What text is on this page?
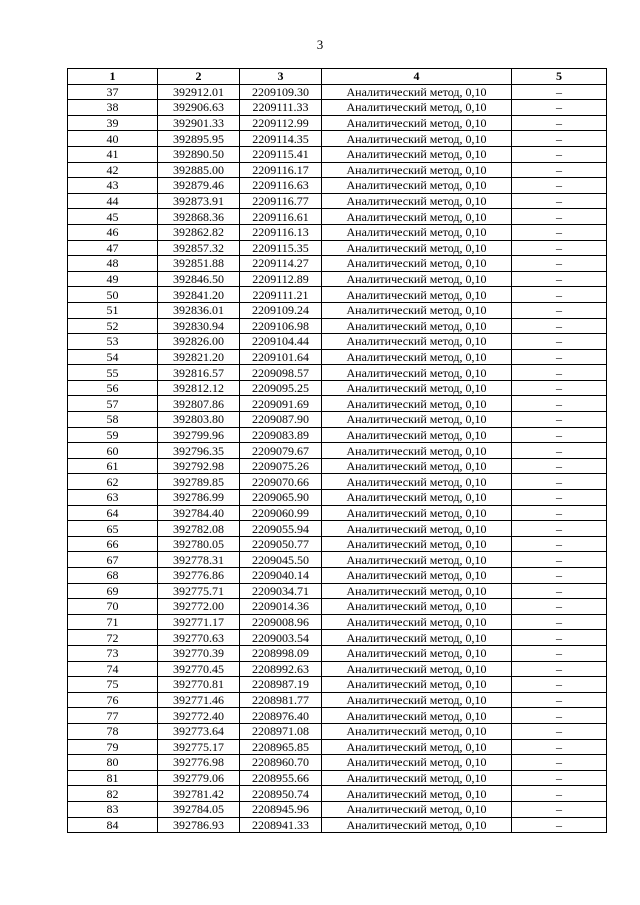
3
1	2	3	4	5
37	392912.01	2209109.30	Аналитический метод, 0,10	–
38	392906.63	2209111.33	Аналитический метод, 0,10	–
39	392901.33	2209112.99	Аналитический метод, 0,10	–
40	392895.95	2209114.35	Аналитический метод, 0,10	–
41	392890.50	2209115.41	Аналитический метод, 0,10	–
42	392885.00	2209116.17	Аналитический метод, 0,10	–
43	392879.46	2209116.63	Аналитический метод, 0,10	–
44	392873.91	2209116.77	Аналитический метод, 0,10	–
45	392868.36	2209116.61	Аналитический метод, 0,10	–
46	392862.82	2209116.13	Аналитический метод, 0,10	–
47	392857.32	2209115.35	Аналитический метод, 0,10	–
48	392851.88	2209114.27	Аналитический метод, 0,10	–
49	392846.50	2209112.89	Аналитический метод, 0,10	–
50	392841.20	2209111.21	Аналитический метод, 0,10	–
51	392836.01	2209109.24	Аналитический метод, 0,10	–
52	392830.94	2209106.98	Аналитический метод, 0,10	–
53	392826.00	2209104.44	Аналитический метод, 0,10	–
54	392821.20	2209101.64	Аналитический метод, 0,10	–
55	392816.57	2209098.57	Аналитический метод, 0,10	–
56	392812.12	2209095.25	Аналитический метод, 0,10	–
57	392807.86	2209091.69	Аналитический метод, 0,10	–
58	392803.80	2209087.90	Аналитический метод, 0,10	–
59	392799.96	2209083.89	Аналитический метод, 0,10	–
60	392796.35	2209079.67	Аналитический метод, 0,10	–
61	392792.98	2209075.26	Аналитический метод, 0,10	–
62	392789.85	2209070.66	Аналитический метод, 0,10	–
63	392786.99	2209065.90	Аналитический метод, 0,10	–
64	392784.40	2209060.99	Аналитический метод, 0,10	–
65	392782.08	2209055.94	Аналитический метод, 0,10	–
66	392780.05	2209050.77	Аналитический метод, 0,10	–
67	392778.31	2209045.50	Аналитический метод, 0,10	–
68	392776.86	2209040.14	Аналитический метод, 0,10	–
69	392775.71	2209034.71	Аналитический метод, 0,10	–
70	392772.00	2209014.36	Аналитический метод, 0,10	–
71	392771.17	2209008.96	Аналитический метод, 0,10	–
72	392770.63	2209003.54	Аналитический метод, 0,10	–
73	392770.39	2208998.09	Аналитический метод, 0,10	–
74	392770.45	2208992.63	Аналитический метод, 0,10	–
75	392770.81	2208987.19	Аналитический метод, 0,10	–
76	392771.46	2208981.77	Аналитический метод, 0,10	–
77	392772.40	2208976.40	Аналитический метод, 0,10	–
78	392773.64	2208971.08	Аналитический метод, 0,10	–
79	392775.17	2208965.85	Аналитический метод, 0,10	–
80	392776.98	2208960.70	Аналитический метод, 0,10	–
81	392779.06	2208955.66	Аналитический метод, 0,10	–
82	392781.42	2208950.74	Аналитический метод, 0,10	–
83	392784.05	2208945.96	Аналитический метод, 0,10	–
84	392786.93	2208941.33	Аналитический метод, 0,10	–
